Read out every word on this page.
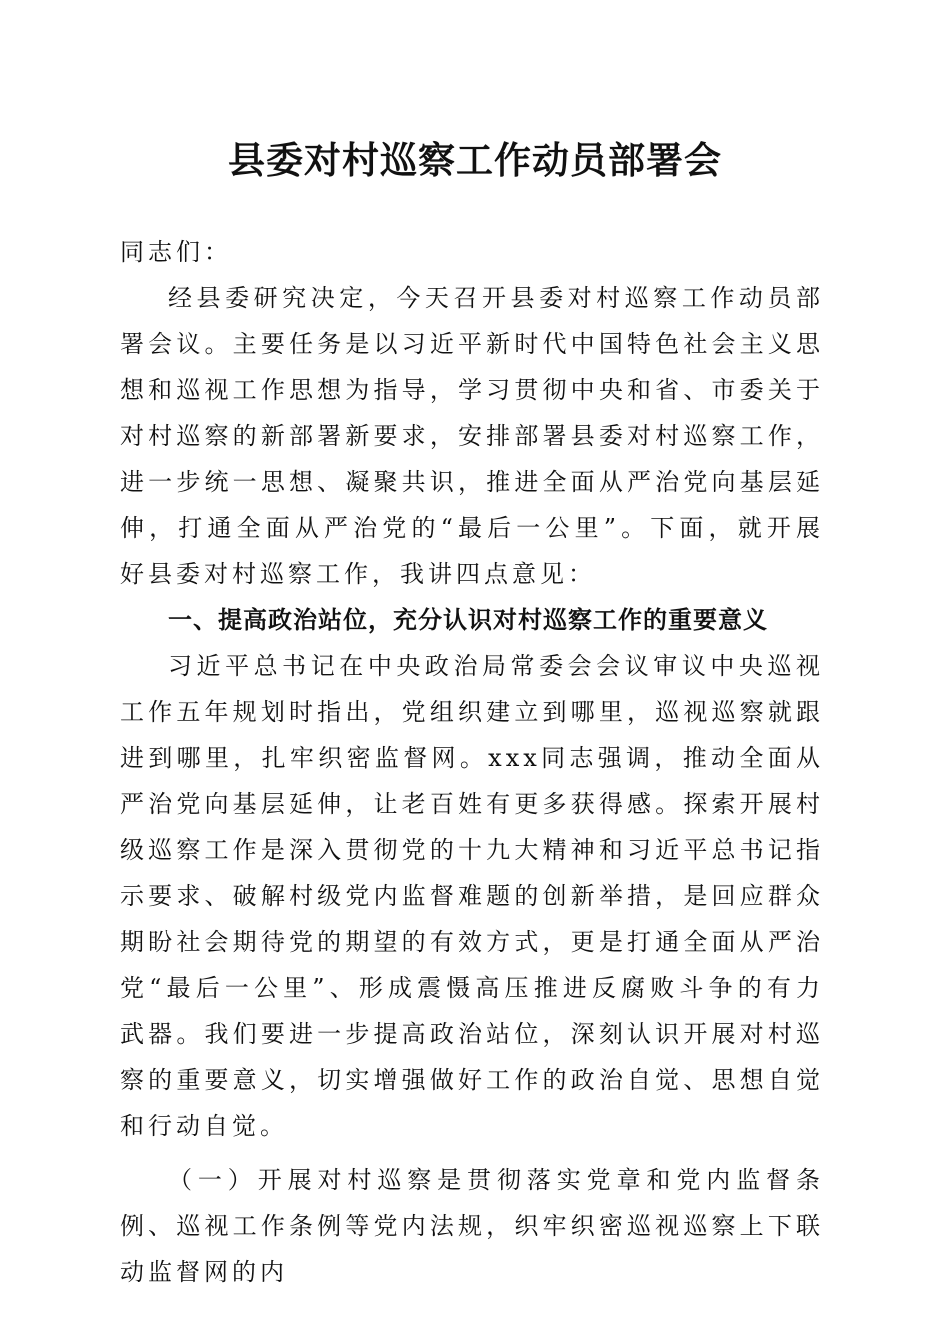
县委对村巡察工作动员部署会

同志们：

经县委研究决定，今天召开县委对村巡察工作动员部署会议。主要任务是以习近平新时代中国特色社会主义思想和巡视工作思想为指导，学习贯彻中央和省、市委关于对村巡察的新部署新要求，安排部署县委对村巡察工作，进一步统一思想、凝聚共识，推进全面从严治党向基层延伸，打通全面从严治党的“最后一公里”。下面，就开展好县委对村巡察工作，我讲四点意见：

一、提高政治站位，充分认识对村巡察工作的重要意义

习近平总书记在中央政治局常委会会议审议中央巡视工作五年规划时指出，党组织建立到哪里，巡视巡察就跟进到哪里，扎牢织密监督网。xxx同志强调，推动全面从严治党向基层延伸，让老百姓有更多获得感。探索开展村级巡察工作是深入贯彻党的十九大精神和习近平总书记指示要求、破解村级党内监督难题的创新举措，是回应群众期盼社会期待党的期望的有效方式，更是打通全面从严治党“最后一公里”、形成震慑高压推进反腐败斗争的有力武器。我们要进一步提高政治站位，深刻认识开展对村巡察的重要意义，切实增强做好工作的政治自觉、思想自觉和行动自觉。

（一）开展对村巡察是贯彻落实党章和党内监督条例、巡视工作条例等党内法规，织牢织密巡视巡察上下联动监督网的内
